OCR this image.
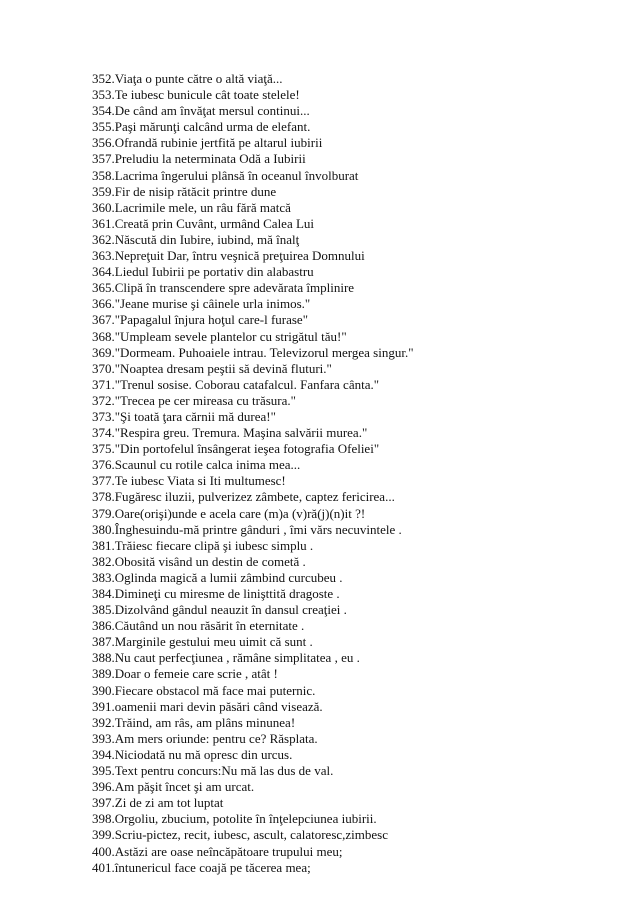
352.Viaţa o punte către o altă viaţă...
353.Te iubesc bunicule cât toate stelele!
354.De când am învăţat mersul continui...
355.Paşi mărunţi calcând urma de elefant.
356.Ofrandă rubinie jertfită pe altarul iubirii
357.Preludiu la neterminata Odă a Iubirii
358.Lacrima îngerului plânsă în oceanul învolburat
359.Fir de nisip rătăcit printre dune
360.Lacrimile mele, un râu fără matcă
361.Creată prin Cuvânt, urmând Calea Lui
362.Născută din Iubire, iubind, mă înalţ
363.Nepreţuit Dar, întru veşnică preţuirea Domnului
364.Liedul Iubirii pe portativ din alabastru
365.Clipă în transcendere spre adevărata împlinire
366."Jeane murise şi câinele urla inimos."
367."Papagalul înjura hoţul care-l furase"
368."Umpleam sevele plantelor cu strigătul tău!"
369."Dormeam. Puhoaiele intrau. Televizorul mergea singur."
370."Noaptea dresam peştii să devină fluturi."
371."Trenul sosise. Coborau catafalcul. Fanfara cânta."
372."Trecea pe cer mireasa cu trăsura."
373."Şi toată ţara cărnii mă durea!"
374."Respira greu. Tremura. Maşina salvării murea."
375."Din portofelul însângerat ieşea fotografia Ofeliei"
376.Scaunul cu rotile calca inima mea...
377.Te iubesc Viata si Iti multumesc!
378.Fugăresc iluzii, pulverizez zâmbete, captez fericirea...
379.Oare(orişi)unde e acela care (m)a (v)ră(j)(n)it ?!
380.Înghesuindu-mă printre gânduri , îmi vărs necuvintele .
381.Trăiesc fiecare clipă şi iubesc simplu .
382.Obosită visând un destin de cometă .
383.Oglinda magică a lumii zâmbind curcubeu .
384.Dimineţi cu miresme de linişttită dragoste .
385.Dizolvând gândul neauzit în dansul creaţiei .
386.Căutând un nou răsărit în eternitate .
387.Marginile gestului meu uimit că sunt .
388.Nu caut perfecţiunea , rămâne simplitatea , eu .
389.Doar o femeie care scrie , atât !
390.Fiecare obstacol mă face mai puternic.
391.oamenii mari devin păsări când visează.
392.Trăind, am râs, am plâns minunea!
393.Am mers oriunde: pentru ce? Răsplata.
394.Niciodată nu mă opresc din urcus.
395.Text pentru concurs:Nu mă las dus de val.
396.Am păşit încet şi am urcat.
397.Zi de zi am tot luptat
398.Orgoliu, zbucium, potolite în înţelepciunea iubirii.
399.Scriu-pictez, recit, iubesc, ascult, calatoresc,zimbesc
400.Astăzi are oase neîncăpătoare trupului meu;
401.întunericul face coajă pe tăcerea mea;
